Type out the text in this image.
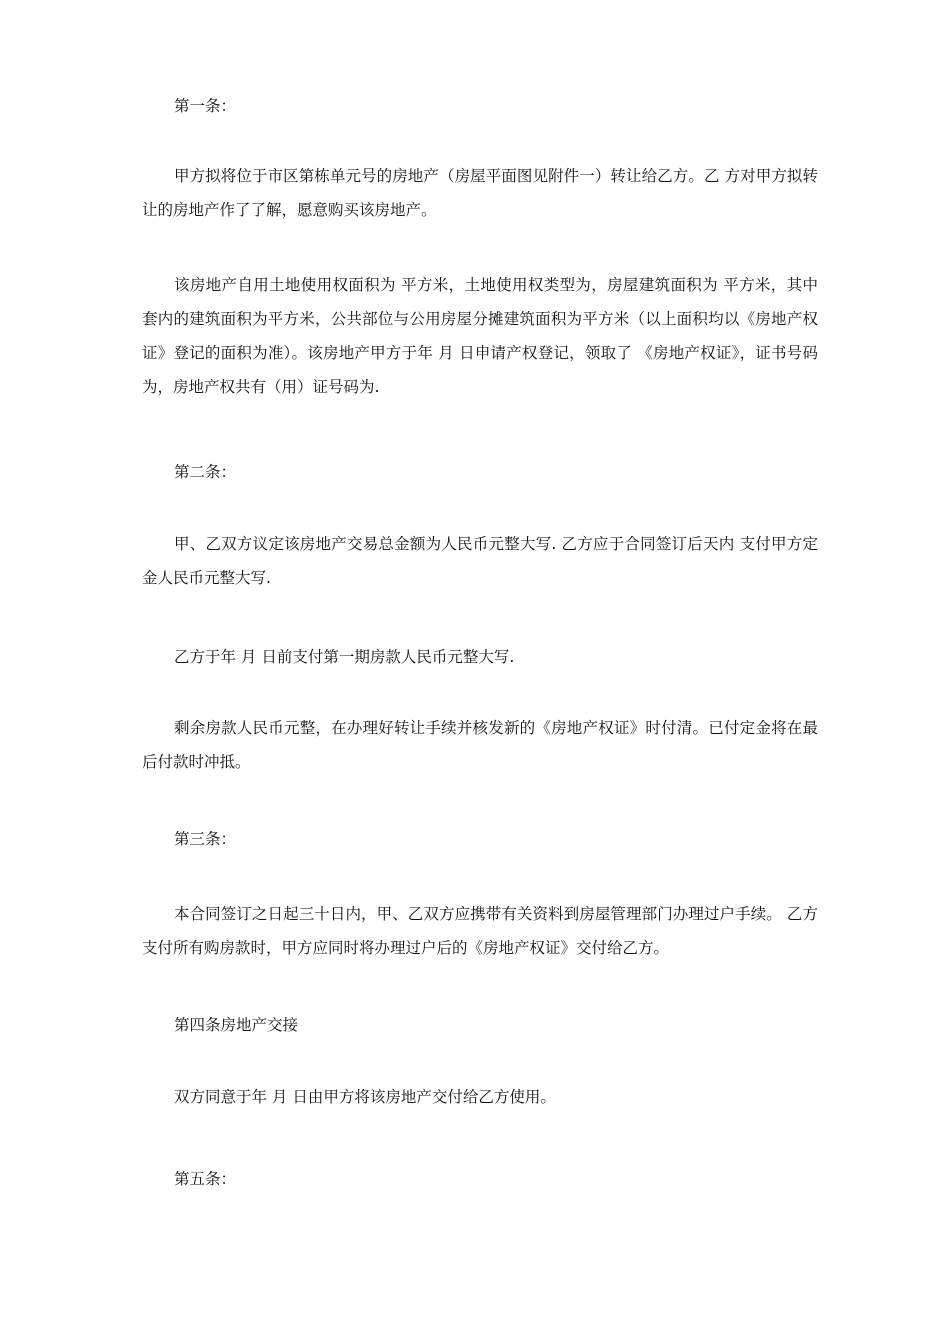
第一条：

甲方拟将位于市区第栋单元号的房地产（房屋平面图见附件一）转让给乙方。乙 方对甲方拟转让的房地产作了了解，愿意购买该房地产。

该房地产自用土地使用权面积为 平方米，土地使用权类型为，房屋建筑面积为 平方米，其中套内的建筑面积为平方米，公共部位与公用房屋分摊建筑面积为平方米（以上面积均以《房地产权证》登记的面积为准）。该房地产甲方于年 月 日申请产权登记，领取了 《房地产权证》，证书号码为，房地产权共有（用）证号码为.

第二条：

甲、乙双方议定该房地产交易总金额为人民币元整大写. 乙方应于合同签订后天内 支付甲方定金人民币元整大写.

乙方于年 月 日前支付第一期房款人民币元整大写.

剩余房款人民币元整，在办理好转让手续并核发新的《房地产权证》时付清。已付定金将在最后付款时冲抵。

第三条：

本合同签订之日起三十日内，甲、乙双方应携带有关资料到房屋管理部门办理过户手续。 乙方支付所有购房款时，甲方应同时将办理过户后的《房地产权证》交付给乙方。

第四条房地产交接

双方同意于年 月 日由甲方将该房地产交付给乙方使用。

第五条：
